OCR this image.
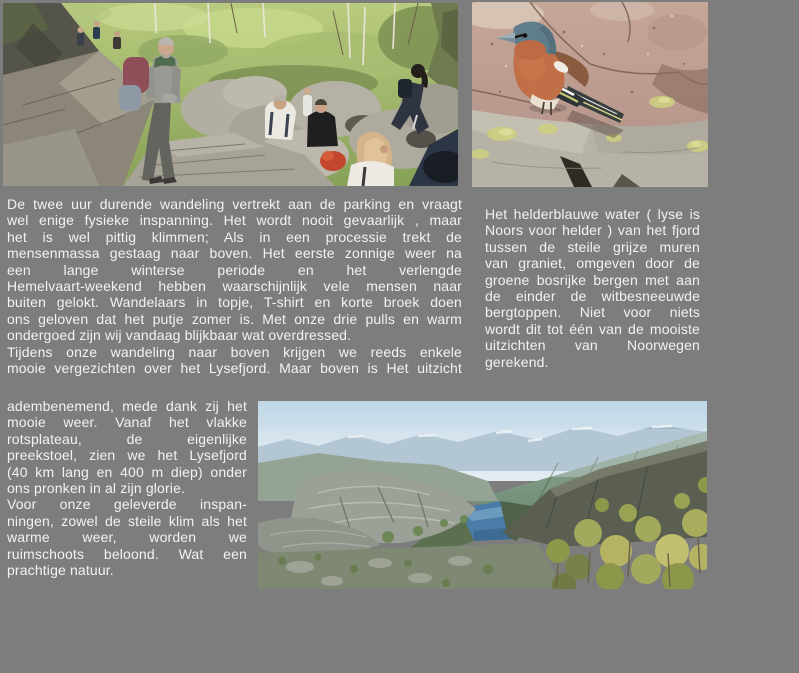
De twee uur durende wandeling vertrekt aan de parking en vraagt
wel enige fysieke inspanning. Het wordt nooit gevaarlijk , maar
het is wel pittig klimmen; Als in een processie trekt de
mensenmassa gestaag naar boven. Het eerste zonnige weer na
een lange winterse periode en het verlengde
Hemelvaart-weekend hebben waarschijnlijk vele mensen naar
buiten gelokt. Wandelaars in topje, T-shirt en korte broek doen
ons geloven dat het putje zomer is. Met onze drie pulls en warm
ondergoed zijn wij vandaag blijkbaar wat overdressed.
Tijdens onze wandeling naar boven krijgen we reeds enkele
mooie vergezichten over het Lysefjord. Maar boven is Het uitzicht
Het helderblauwe water ( lyse is
Noors voor helder ) van het fjord
tussen de steile grijze muren
van graniet, omgeven door de
groene bosrijke bergen met aan
de einder de witbesneeuwde
bergtoppen. Niet voor niets
wordt dit tot één van de mooiste
uitzichten van Noorwegen
gerekend.
adembenemend, mede dank zij het
mooie weer. Vanaf het vlakke
rotsplateau, de eigenlijke
preekstoel, zien we het Lysefjord
(40 km lang en 400 m diep) onder
ons pronken in al zijn glorie.
Voor onze geleverde inspan-
ningen, zowel de steile klim als het
warme weer, worden we
ruimschoots beloond. Wat een
prachtige natuur.
